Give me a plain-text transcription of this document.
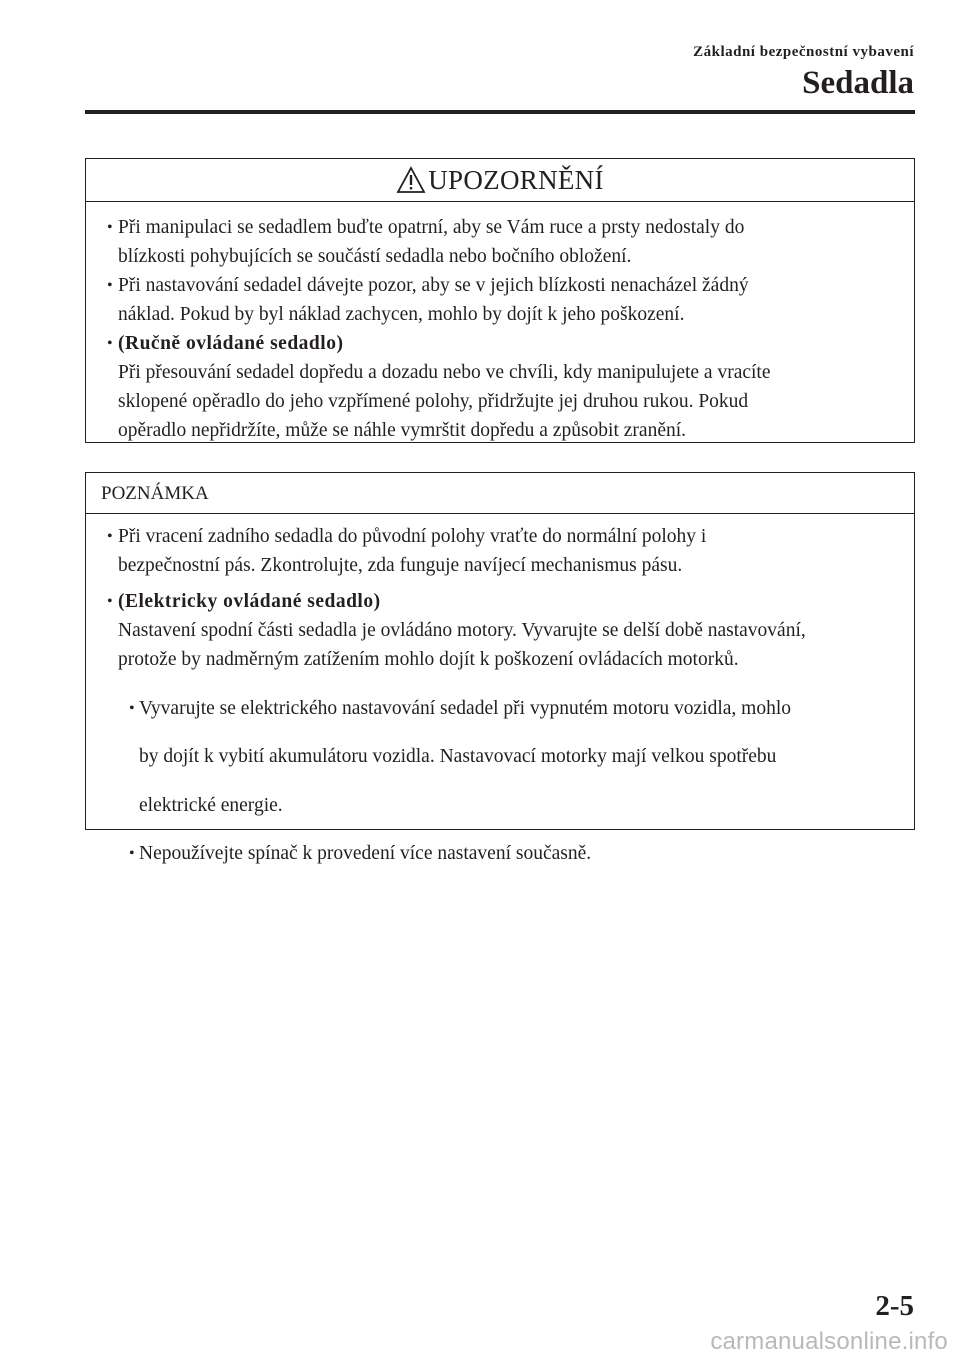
Základní bezpečnostní vybavení
Sedadla
UPOZORNĚNÍ
• Při manipulaci se sedadlem buďte opatrní, aby se Vám ruce a prsty nedostaly do

blízkosti pohybujících se součástí sedadla nebo bočního obložení.

• Při nastavování sedadel dávejte pozor, aby se v jejich blízkosti nenacházel žádný

náklad. Pokud by byl náklad zachycen, mohlo by dojít k jeho poškození.

• (Ručně ovládané sedadlo)

Při přesouvání sedadel dopředu a dozadu nebo ve chvíli, kdy manipulujete a vracíte

sklopené opěradlo do jeho vzpřímené polohy, přidržujte jej druhou rukou. Pokud

opěradlo nepřidržíte, může se náhle vymrštit dopředu a způsobit zranění.

POZNÁMKA
• Při vracení zadního sedadla do původní polohy vraťte do normální polohy i

bezpečnostní pás. Zkontrolujte, zda funguje navíjecí mechanismus pásu.

• (Elektricky ovládané sedadlo)

Nastavení spodní části sedadla je ovládáno motory. Vyvarujte se delší době nastavování,

protože by nadměrným zatížením mohlo dojít k poškození ovládacích motorků.

• Vyvarujte se elektrického nastavování sedadel při vypnutém motoru vozidla, mohlo

by dojít k vybití akumulátoru vozidla. Nastavovací motorky mají velkou spotřebu

elektrické energie.

• Nepoužívejte spínač k provedení více nastavení současně.

2-5
carmanualsonline.info
